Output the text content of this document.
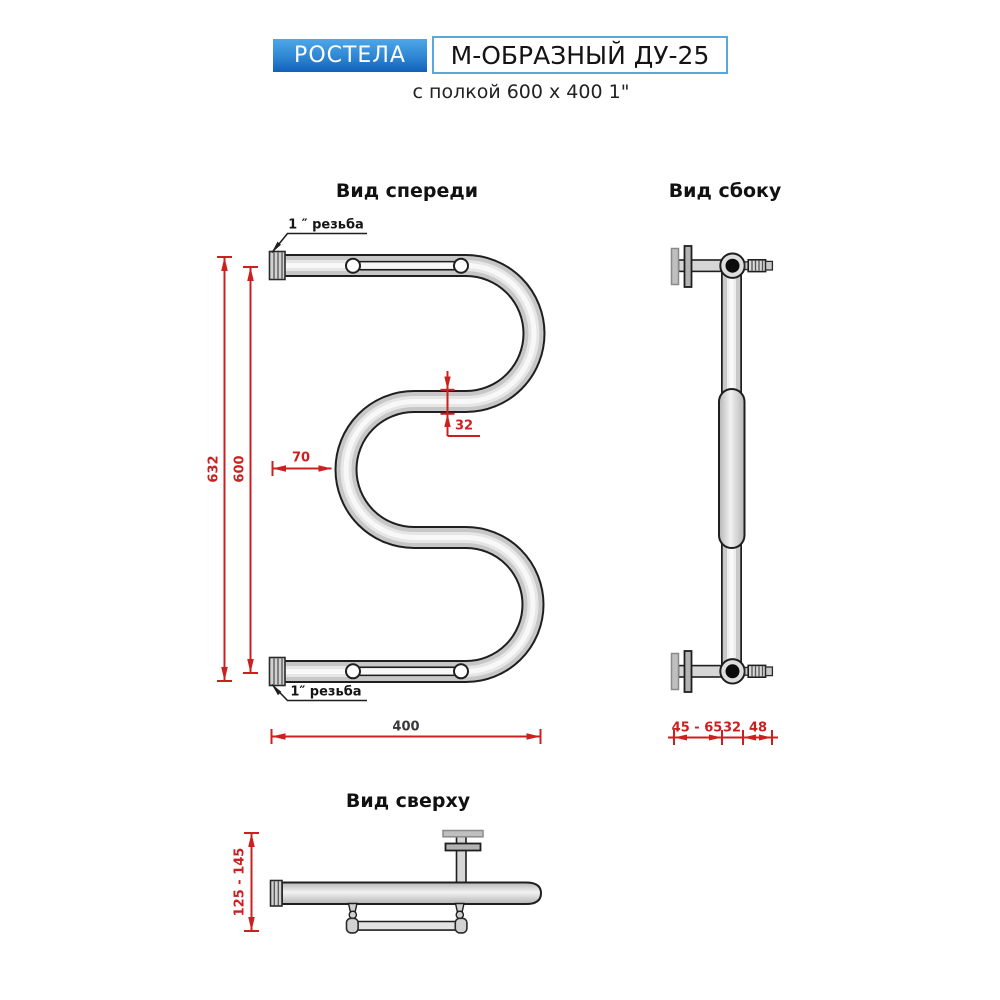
РОСТЕЛА М-ОБРАЗНЫЙ ДУ-25
с полкой 600 x 400 1"
Вид спереди	Вид сбоку
Вид сверху
1 ″ резьба
1″ резьба
632 600	70
32
400	45 - 65 32 48
125 - 145
